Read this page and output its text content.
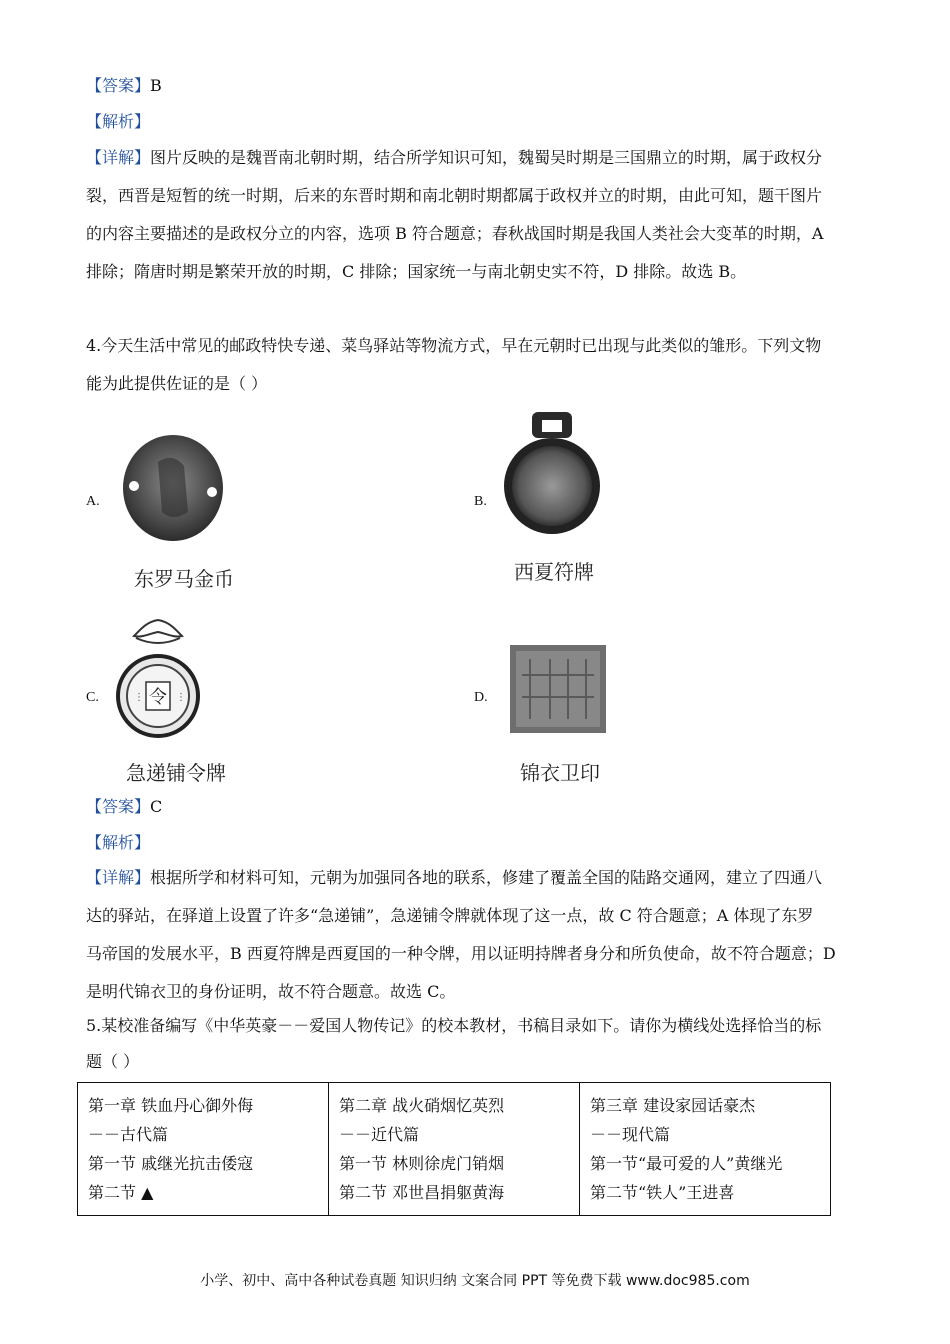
【答案】B
【解析】
【详解】图片反映的是魏晋南北朝时期，结合所学知识可知，魏蜀吴时期是三国鼎立的时期，属于政权分
裂，西晋是短暂的统一时期，后来的东晋时期和南北朝时期都属于政权并立的时期，由此可知，题干图片
的内容主要描述的是政权分立的内容，选项 B 符合题意；春秋战国时期是我国人类社会大变革的时期，A
排除；隋唐时期是繁荣开放的时期，C 排除；国家统一与南北朝史实不符，D 排除。故选 B。
4.今天生活中常见的邮政特快专递、菜鸟驿站等物流方式，早在元朝时已出现与此类似的雏形。下列文物
能为此提供佐证的是（ ）
A.
东罗马金币
B.
西夏符牌
C.	令
⋮	⋮
急递铺令牌
D.
锦衣卫印
【答案】C
【解析】
【详解】根据所学和材料可知，元朝为加强同各地的联系，修建了覆盖全国的陆路交通网，建立了四通八
达的驿站，在驿道上设置了许多“急递铺”，急递铺令牌就体现了这一点，故 C 符合题意；A 体现了东罗
马帝国的发展水平，B 西夏符牌是西夏国的一种令牌，用以证明持牌者身分和所负使命，故不符合题意；D
是明代锦衣卫的身份证明，故不符合题意。故选 C。
5.某校准备编写《中华英豪－－爱国人物传记》的校本教材，书稿目录如下。请你为横线处选择恰当的标
题（ ）
第一章 铁血丹心御外侮
－－古代篇
第一节 戚继光抗击倭寇
第二节 ▲

第二章 战火硝烟忆英烈
－－近代篇
第一节 林则徐虎门销烟
第二节 邓世昌捐躯黄海

第三章 建设家园话豪杰
－－现代篇
第一节“最可爱的人”黄继光
第二节“铁人”王进喜
小学、初中、高中各种试卷真题 知识归纳 文案合同 PPT 等免费下载 www.doc985.com
